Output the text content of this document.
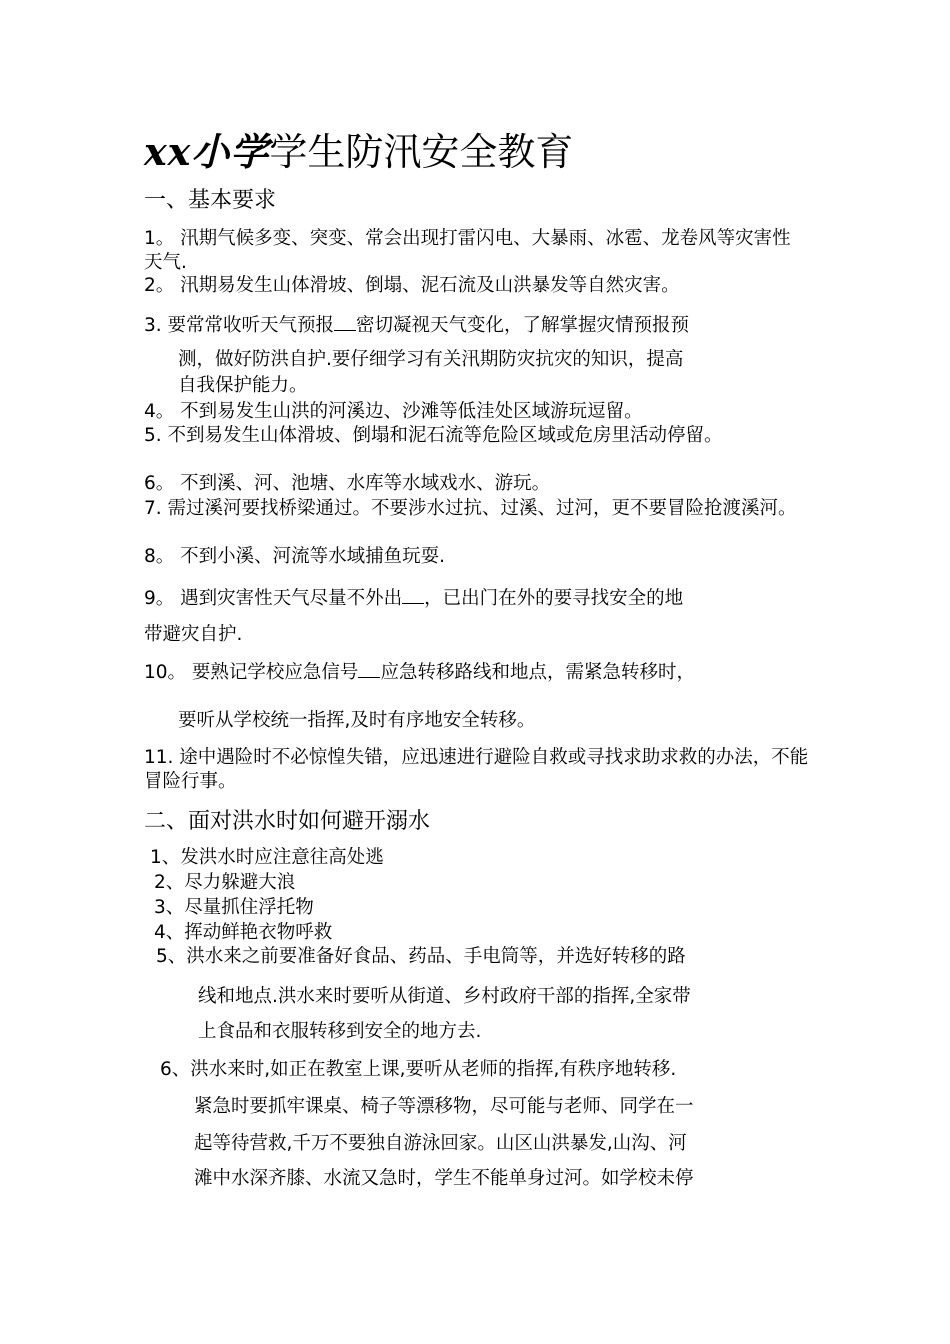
xx小学学生防汛安全教育
一、基本要求
1。 汛期气候多变、突变、常会出现打雷闪电、大暴雨、冰雹、龙卷风等灾害性天气.
2。 汛期易发生山体滑坡、倒塌、泥石流及山洪暴发等自然灾害。
3. 要常常收听天气预报 密切凝视天气变化，了解掌握灾情预报预
测，做好防洪自护.要仔细学习有关汛期防灾抗灾的知识，提高
自我保护能力。
4。 不到易发生山洪的河溪边、沙滩等低洼处区域游玩逗留。
5. 不到易发生山体滑坡、倒塌和泥石流等危险区域或危房里活动停留。
6。 不到溪、河、池塘、水库等水域戏水、游玩。
7. 需过溪河要找桥梁通过。不要涉水过抗、过溪、过河，更不要冒险抢渡溪河。
8。 不到小溪、河流等水域捕鱼玩耍.
9。 遇到灾害性天气尽量不外出 ，已出门在外的要寻找安全的地
带避灾自护.
10。 要熟记学校应急信号 应急转移路线和地点，需紧急转移时，
要听从学校统一指挥,及时有序地安全转移。
11. 途中遇险时不必惊惶失错，应迅速进行避险自救或寻找求助求救的办法，不能冒险行事。
二、面对洪水时如何避开溺水
1、发洪水时应注意往高处逃
2、尽力躲避大浪
3、尽量抓住浮托物
4、挥动鲜艳衣物呼救
5、洪水来之前要准备好食品、药品、手电筒等，并选好转移的路
线和地点.洪水来时要听从街道、乡村政府干部的指挥,全家带
上食品和衣服转移到安全的地方去.
6、洪水来时,如正在教室上课,要听从老师的指挥,有秩序地转移.
紧急时要抓牢课桌、椅子等漂移物，尽可能与老师、同学在一
起等待营救,千万不要独自游泳回家。山区山洪暴发,山沟、河
滩中水深齐膝、水流又急时，学生不能单身过河。如学校未停
